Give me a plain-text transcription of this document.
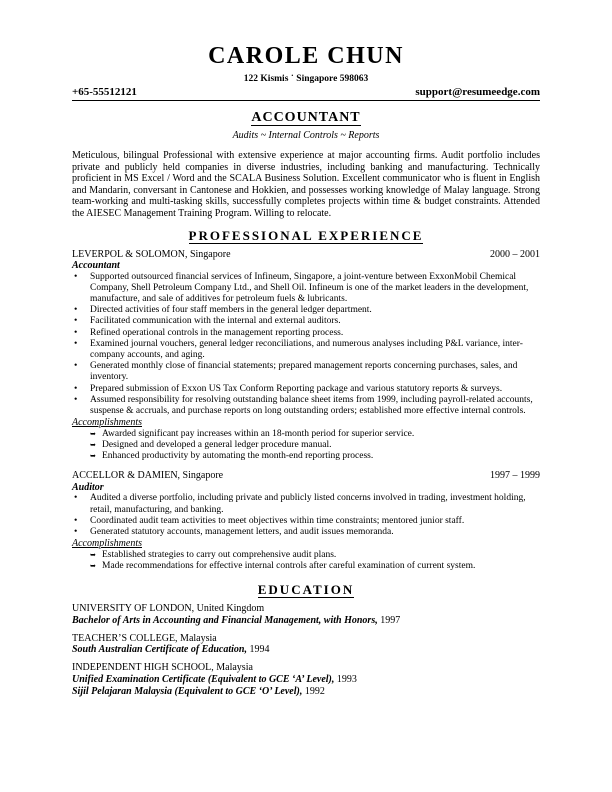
CAROLE CHUN
122 Kismis ˙ Singapore 598063
+65-55512121	support@resumeedge.com
ACCOUNTANT
Audits ~ Internal Controls ~ Reports
Meticulous, bilingual Professional with extensive experience at major accounting firms. Audit portfolio includes private and publicly held companies in diverse industries, including banking and manufacturing. Technically proficient in MS Excel / Word and the SCALA Business Solution. Excellent communicator who is fluent in English and Mandarin, conversant in Cantonese and Hokkien, and possesses working knowledge of Malay language. Strong team-working and multi-tasking skills, successfully completes projects within time & budget constraints. Attended the AIESEC Management Training Program. Willing to relocate.
PROFESSIONAL EXPERIENCE
LEVERPOL & SOLOMON, Singapore	2000 – 2001
Accountant
• Supported outsourced financial services of Infineum, Singapore, a joint-venture between ExxonMobil Chemical Company, Shell Petroleum Company Ltd., and Shell Oil. Infineum is one of the market leaders in the development, manufacture, and sale of additives for petroleum fuels & lubricants.
• Directed activities of four staff members in the general ledger department.
• Facilitated communication with the internal and external auditors.
• Refined operational controls in the management reporting process.
• Examined journal vouchers, general ledger reconciliations, and numerous analyses including P&L variance, inter-company accounts, and aging.
• Generated monthly close of financial statements; prepared management reports concerning purchases, sales, and inventory.
• Prepared submission of Exxon US Tax Conform Reporting package and various statutory reports & surveys.
• Assumed responsibility for resolving outstanding balance sheet items from 1999, including payroll-related accounts, suspense & accruals, and purchase reports on long outstanding orders; established more effective internal controls.
Accomplishments
➥ Awarded significant pay increases within an 18-month period for superior service.
➥ Designed and developed a general ledger procedure manual.
➥ Enhanced productivity by automating the month-end reporting process.
ACCELLOR & DAMIEN, Singapore	1997 – 1999
Auditor
• Audited a diverse portfolio, including private and publicly listed concerns involved in trading, investment holding, retail, manufacturing, and banking.
• Coordinated audit team activities to meet objectives within time constraints; mentored junior staff.
• Generated statutory accounts, management letters, and audit issues memoranda.
Accomplishments
➥ Established strategies to carry out comprehensive audit plans.
➥ Made recommendations for effective internal controls after careful examination of current system.
EDUCATION
UNIVERSITY OF LONDON, United Kingdom
Bachelor of Arts in Accounting and Financial Management, with Honors, 1997
TEACHER’S COLLEGE, Malaysia
South Australian Certificate of Education, 1994
INDEPENDENT HIGH SCHOOL, Malaysia
Unified Examination Certificate (Equivalent to GCE ‘A’ Level), 1993
Sijil Pelajaran Malaysia (Equivalent to GCE ‘O’ Level), 1992
